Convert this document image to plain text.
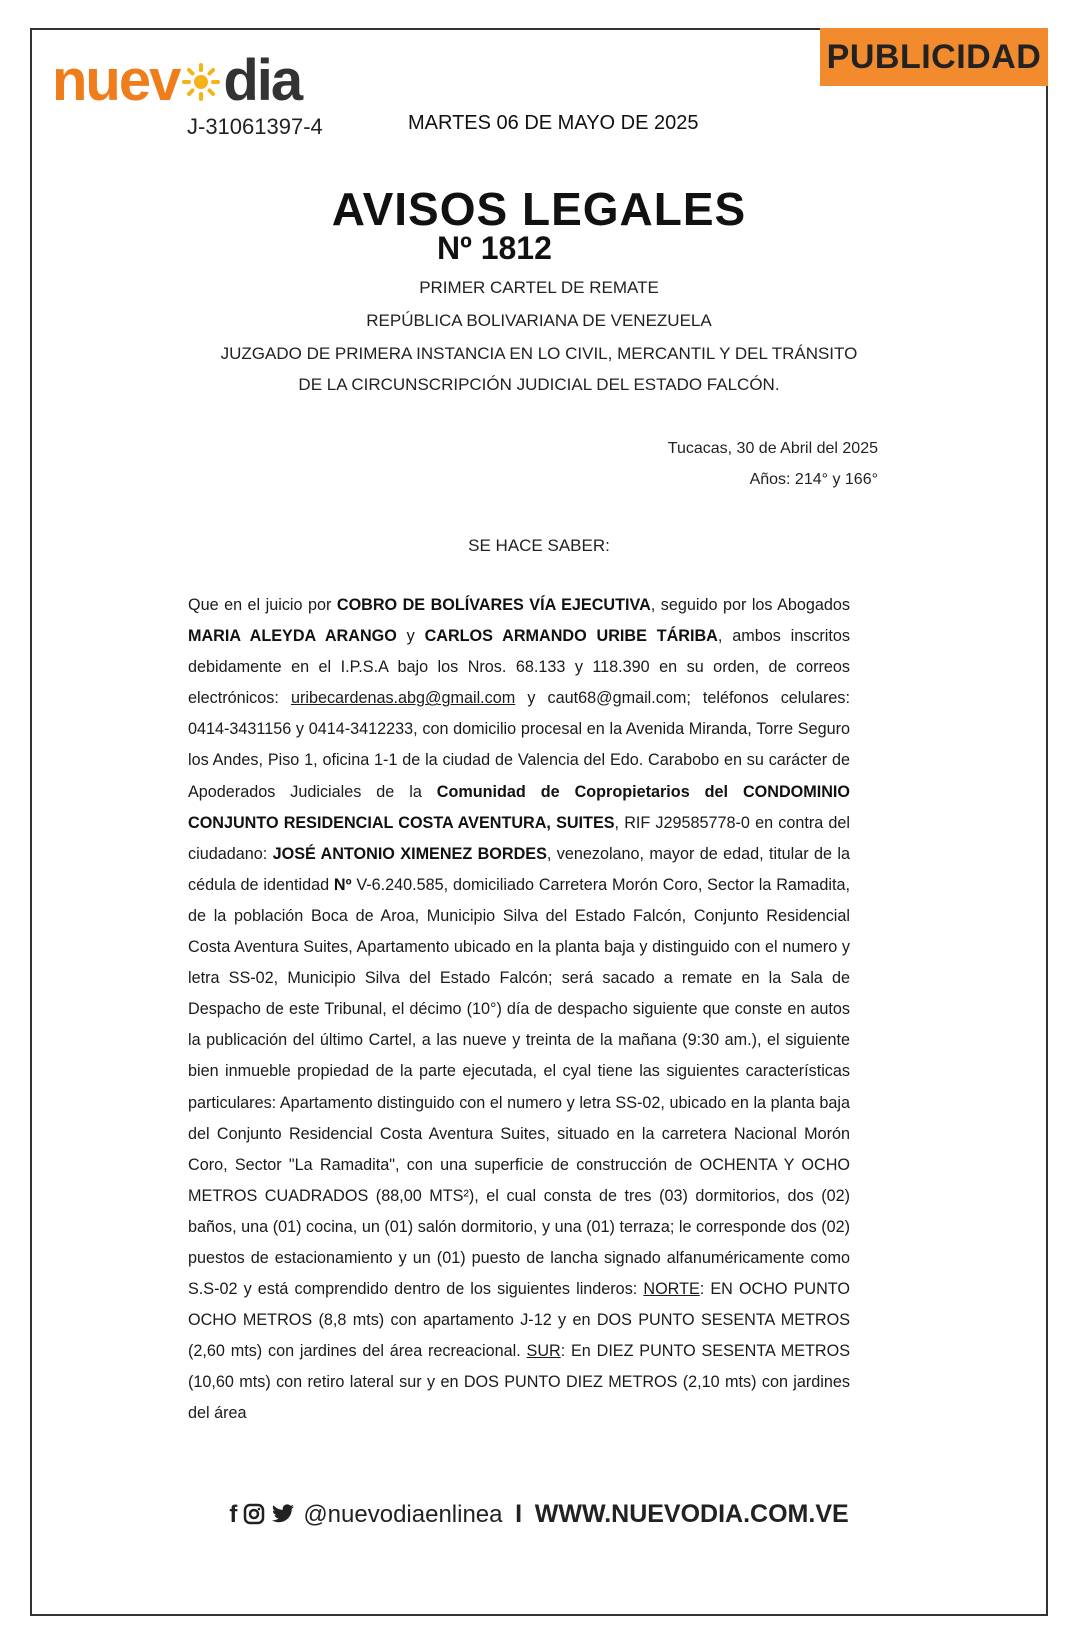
PUBLICIDAD
nuev dia
J-31061397-4	MARTES 06 DE MAYO DE 2025
AVISOS LEGALES
Nº 1812
PRIMER CARTEL DE REMATE
REPÚBLICA BOLIVARIANA DE VENEZUELA
JUZGADO DE PRIMERA INSTANCIA EN LO CIVIL, MERCANTIL Y DEL TRÁNSITO
DE LA CIRCUNSCRIPCIÓN JUDICIAL DEL ESTADO FALCÓN.
Tucacas, 30 de Abril del 2025
Años: 214° y 166°
SE HACE SABER:
Que en el juicio por COBRO DE BOLÍVARES VÍA EJECUTIVA, seguido por los Abogados MARIA ALEYDA ARANGO y CARLOS ARMANDO URIBE TÁRIBA, ambos inscritos debidamente en el I.P.S.A bajo los Nros. 68.133 y 118.390 en su orden, de correos electrónicos: uribecardenas.abg@gmail.com y caut68@gmail.com; teléfonos celulares: 0414-3431156 y 0414-3412233, con domicilio procesal en la Avenida Miranda, Torre Seguro los Andes, Piso 1, oficina 1-1 de la ciudad de Valencia del Edo. Carabobo en su carácter de Apoderados Judiciales de la Comunidad de Copropietarios del CONDOMINIO CONJUNTO RESIDENCIAL COSTA AVENTURA, SUITES, RIF J29585778-0 en contra del ciudadano: JOSÉ ANTONIO XIMENEZ BORDES, venezolano, mayor de edad, titular de la cédula de identidad Nº V-6.240.585, domiciliado Carretera Morón Coro, Sector la Ramadita, de la población Boca de Aroa, Municipio Silva del Estado Falcón, Conjunto Residencial Costa Aventura Suites, Apartamento ubicado en la planta baja y distinguido con el numero y letra SS-02, Municipio Silva del Estado Falcón; será sacado a remate en la Sala de Despacho de este Tribunal, el décimo (10°) día de despacho siguiente que conste en autos la publicación del último Cartel, a las nueve y treinta de la mañana (9:30 am.), el siguiente bien inmueble propiedad de la parte ejecutada, el cyal tiene las siguientes características particulares: Apartamento distinguido con el numero y letra SS-02, ubicado en la planta baja del Conjunto Residencial Costa Aventura Suites, situado en la carretera Nacional Morón Coro, Sector "La Ramadita", con una superficie de construcción de OCHENTA Y OCHO METROS CUADRADOS (88,00 MTS²), el cual consta de tres (03) dormitorios, dos (02) baños, una (01) cocina, un (01) salón dormitorio, y una (01) terraza; le corresponde dos (02) puestos de estacionamiento y un (01) puesto de lancha signado alfanuméricamente como S.S-02 y está comprendido dentro de los siguientes linderos: NORTE: EN OCHO PUNTO OCHO METROS (8,8 mts) con apartamento J-12 y en DOS PUNTO SESENTA METROS (2,60 mts) con jardines del área recreacional. SUR: En DIEZ PUNTO SESENTA METROS (10,60 mts) con retiro lateral sur y en DOS PUNTO DIEZ METROS (2,10 mts) con jardines del área
f	@nuevodiaenlinea I WWW.NUEVODIA.COM.VE
